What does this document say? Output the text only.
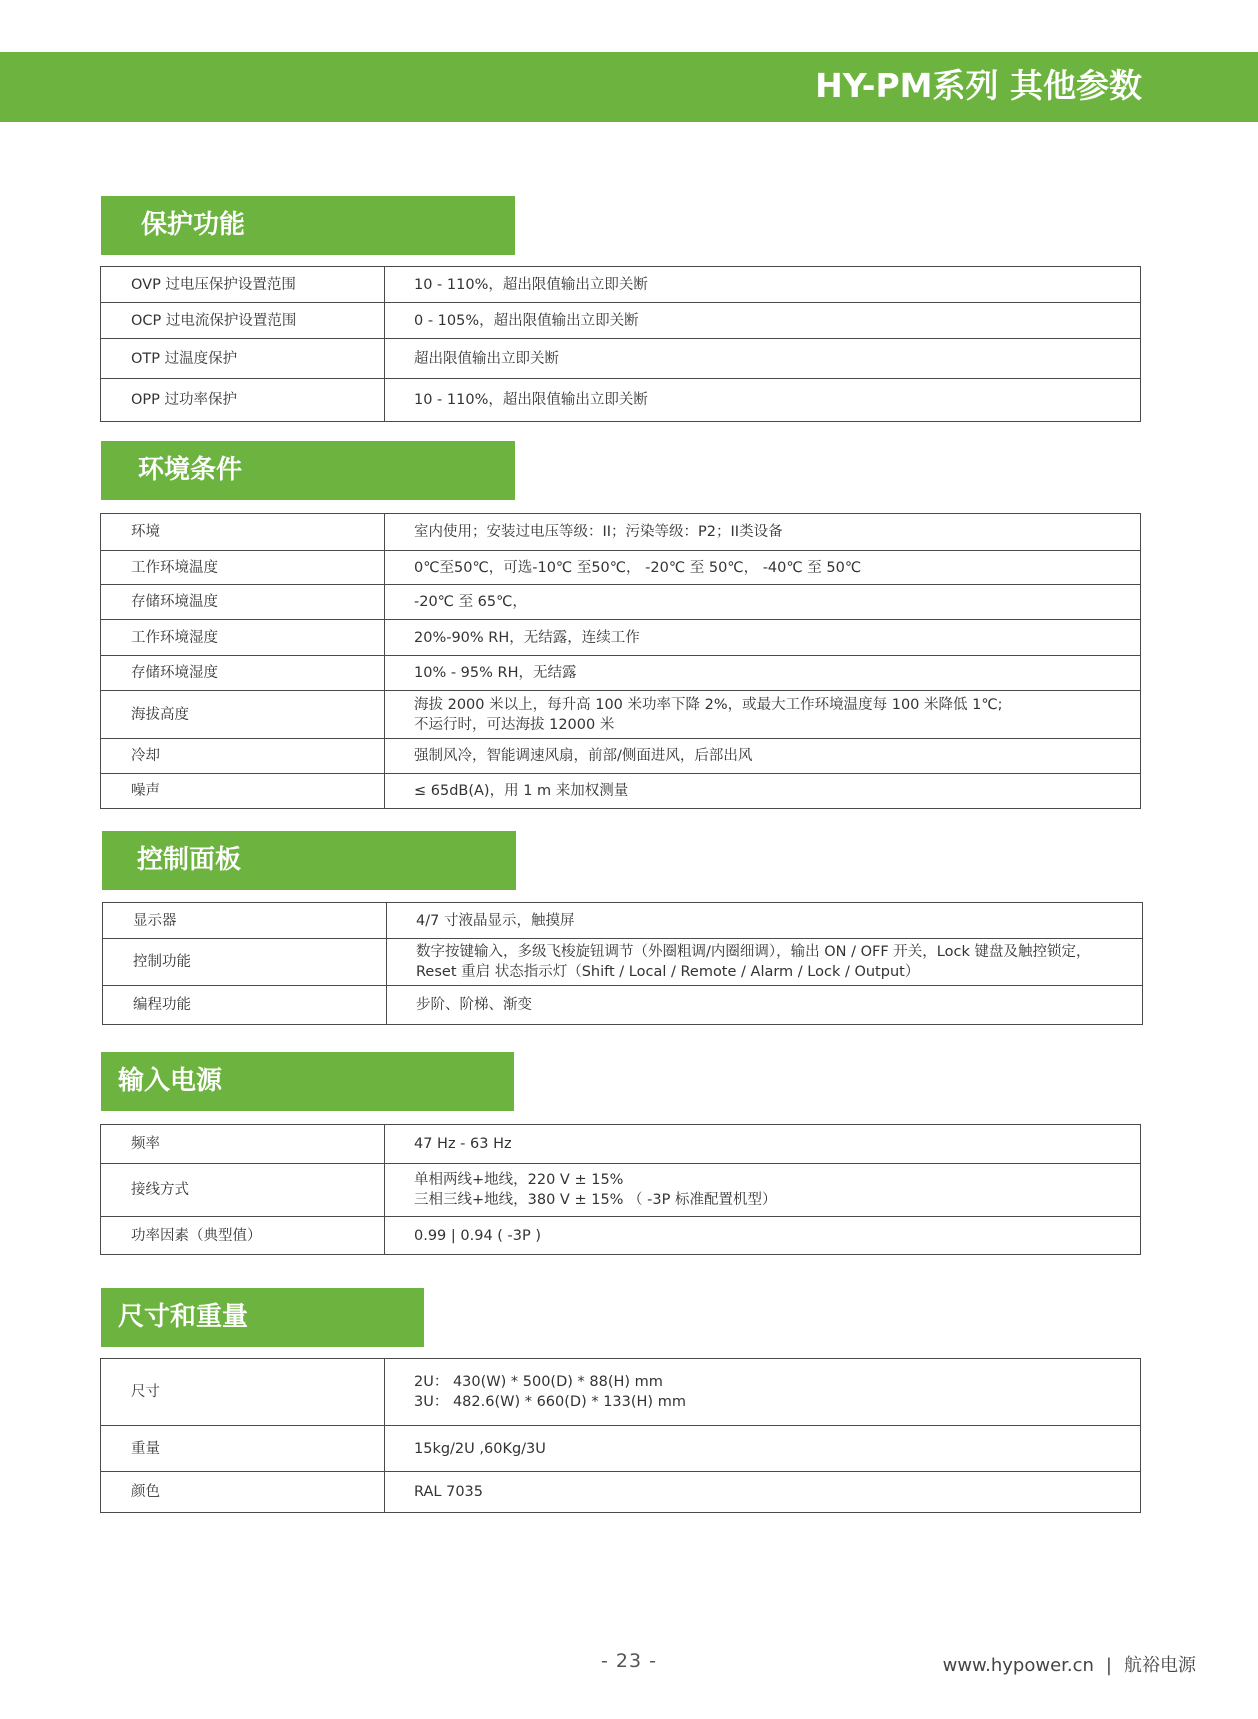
HY-PM系列 其他参数
保护功能
OVP 过电压保护设置范围	10 - 110%，超出限值输出立即关断

OCP 过电流保护设置范围	0 - 105%，超出限值输出立即关断

OTP 过温度保护	超出限值输出立即关断

OPP 过功率保护	10 - 110%，超出限值输出立即关断
环境条件
环境	室内使用；安装过电压等级：II；污染等级：P2；II类设备

工作环境温度	0℃至50℃，可选-10℃ 至50℃， -20℃ 至 50℃， -40℃ 至 50℃

存储环境温度	-20℃ 至 65℃，

工作环境湿度	20%-90% RH，无结露，连续工作

存储环境湿度	10% - 95% RH，无结露

海拔高度	海拔 2000 米以上，每升高 100 米功率下降 2%，或最大工作环境温度每 100 米降低 1℃;
不运行时，可达海拔 12000 米

冷却	强制风冷，智能调速风扇，前部/侧面进风，后部出风

噪声	≤ 65dB(A)，用 1 m 来加权测量
控制面板
显示器	4/7 寸液晶显示，触摸屏

控制功能	数字按键输入，多级飞梭旋钮调节（外圈粗调/内圈细调），输出 ON / OFF 开关，Lock 键盘及触控锁定，
Reset 重启 状态指示灯（Shift / Local / Remote / Alarm / Lock / Output）

编程功能	步阶、阶梯、渐变
输入电源
频率	47 Hz - 63 Hz

接线方式	单相两线+地线，220 V ± 15%
三相三线+地线，380 V ± 15% （ -3P 标准配置机型）

功率因素（典型值）	0.99 | 0.94 ( -3P )
尺寸和重量
尺寸	2U： 430(W) * 500(D) * 88(H) mm
3U： 482.6(W) * 660(D) * 133(H) mm

重量	15kg/2U ,60Kg/3U

颜色	RAL 7035
- 23 -	www.hypower.cn | 航裕电源
